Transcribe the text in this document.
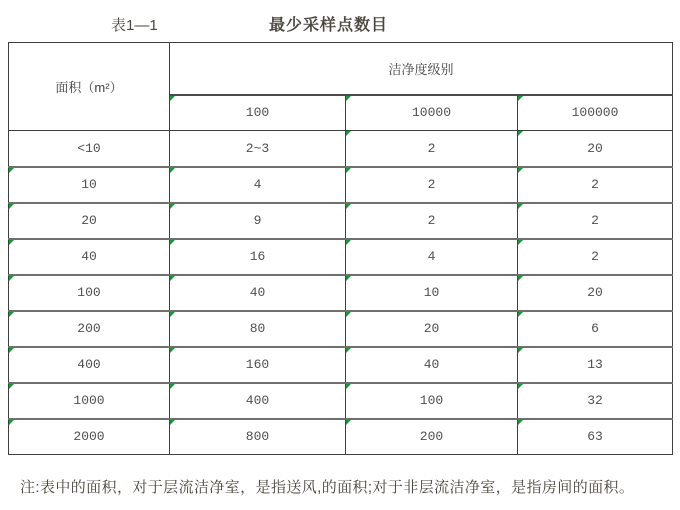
表1—1	最少采样点数目
面积（m²）	洁净度级别		
	100	10000	100000
<10	2~3	2	20
10	4	2	2
20	9	2	2
40	16	4	2
100	40	10	20
200	80	20	6
400	160	40	13
1000	400	100	32
2000	800	200	63
注:表中的面积，对于层流洁净室，是指送风,的面积;对于非层流洁净室，是指房间的面积。
